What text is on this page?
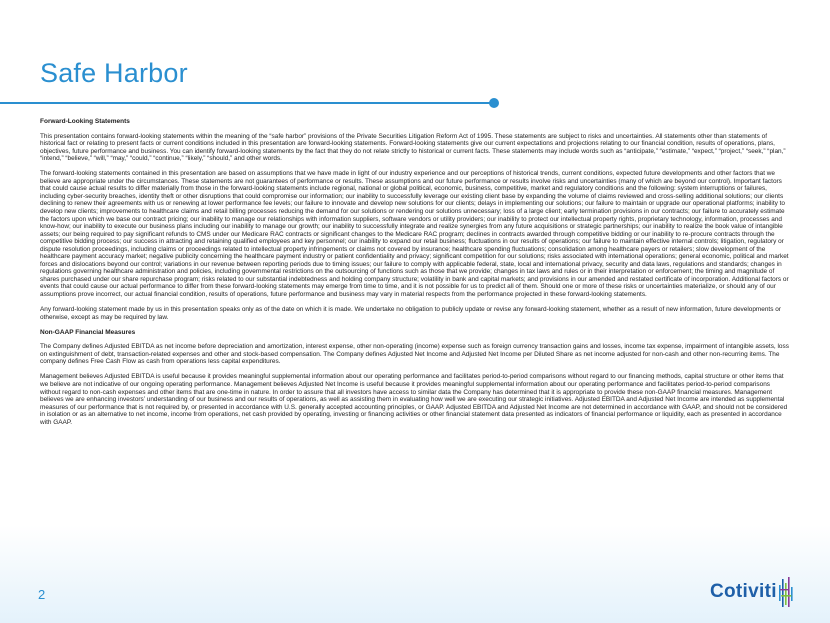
Safe Harbor
Forward-Looking Statements

This presentation contains forward-looking statements within the meaning of the “safe harbor” provisions of the Private Securities Litigation Reform Act of 1995. These statements are subject to risks and uncertainties. All statements other than statements of historical fact or relating to present facts or current conditions included in this presentation are forward-looking statements. Forward-looking statements give our current expectations and projections relating to our financial condition, results of operations, plans, objectives, future performance and business. You can identify forward-looking statements by the fact that they do not relate strictly to historical or current facts. These statements may include words such as “anticipate,” “estimate,” “expect,” “project,” “seek,” “plan,” “intend,” “believe,” “will,” “may,” “could,” “continue,” “likely,” “should,” and other words.

The forward-looking statements contained in this presentation are based on assumptions that we have made in light of our industry experience and our perceptions of historical trends, current conditions, expected future developments and other factors that we believe are appropriate under the circumstances. These statements are not guarantees of performance or results. These assumptions and our future performance or results involve risks and uncertainties (many of which are beyond our control). Important factors that could cause actual results to differ materially from those in the forward-looking statements include regional, national or global political, economic, business, competitive, market and regulatory conditions and the following: system interruptions or failures, including cyber-security breaches, identity theft or other disruptions that could compromise our information; our inability to successfully leverage our existing client base by expanding the volume of claims reviewed and cross-selling additional solutions; our clients declining to renew their agreements with us or renewing at lower performance fee levels; our failure to innovate and develop new solutions for our clients; delays in implementing our solutions; our failure to maintain or upgrade our operational platforms; inability to develop new clients; improvements to healthcare claims and retail billing processes reducing the demand for our solutions or rendering our solutions unnecessary; loss of a large client; early termination provisions in our contracts; our failure to accurately estimate the factors upon which we base our contract pricing; our inability to manage our relationships with information suppliers, software vendors or utility providers; our inability to protect our intellectual property rights, proprietary technology, information, processes and know-how; our inability to execute our business plans including our inability to manage our growth; our inability to successfully integrate and realize synergies from any future acquisitions or strategic partnerships; our inability to realize the book value of intangible assets; our being required to pay significant refunds to CMS under our Medicare RAC contracts or significant changes to the Medicare RAC program; declines in contracts awarded through competitive bidding or our inability to re-procure contracts through the competitive bidding process; our success in attracting and retaining qualified employees and key personnel; our inability to expand our retail business; fluctuations in our results of operations; our failure to maintain effective internal controls; litigation, regulatory or dispute resolution proceedings, including claims or proceedings related to intellectual property infringements or claims not covered by insurance; healthcare spending fluctuations; consolidation among healthcare payers or retailers; slow development of the healthcare payment accuracy market; negative publicity concerning the healthcare payment industry or patient confidentiality and privacy; significant competition for our solutions; risks associated with international operations; general economic, political and market forces and dislocations beyond our control; variations in our revenue between reporting periods due to timing issues; our failure to comply with applicable federal, state, local and international privacy, security and data laws, regulations and standards; changes in regulations governing healthcare administration and policies, including governmental restrictions on the outsourcing of functions such as those that we provide; changes in tax laws and rules or in their interpretation or enforcement; the timing and magnitude of shares purchased under our share repurchase program; risks related to our substantial indebtedness and holding company structure; volatility in bank and capital markets; and provisions in our amended and restated certificate of incorporation. Additional factors or events that could cause our actual performance to differ from these forward-looking statements may emerge from time to time, and it is not possible for us to predict all of them. Should one or more of these risks or uncertainties materialize, or should any of our assumptions prove incorrect, our actual financial condition, results of operations, future performance and business may vary in material respects from the performance projected in these forward-looking statements.

Any forward-looking statement made by us in this presentation speaks only as of the date on which it is made. We undertake no obligation to publicly update or revise any forward-looking statement, whether as a result of new information, future developments or otherwise, except as may be required by law.

Non-GAAP Financial Measures

The Company defines Adjusted EBITDA as net income before depreciation and amortization, interest expense, other non-operating (income) expense such as foreign currency transaction gains and losses, income tax expense, impairment of intangible assets, loss on extinguishment of debt, transaction-related expenses and other and stock-based compensation. The Company defines Adjusted Net Income and Adjusted Net Income per Diluted Share as net income adjusted for non-cash and other non-recurring items. The company defines Free Cash Flow as cash from operations less capital expenditures.

Management believes Adjusted EBITDA is useful because it provides meaningful supplemental information about our operating performance and facilitates period-to-period comparisons without regard to our financing methods, capital structure or other items that we believe are not indicative of our ongoing operating performance. Management believes Adjusted Net Income is useful because it provides meaningful supplemental information about our operating performance and facilitates period-to-period comparisons without regard to non-cash expenses and other items that are one-time in nature. In order to assure that all investors have access to similar data the Company has determined that it is appropriate to provide these non-GAAP financial measures. Management believes we are enhancing investors’ understanding of our business and our results of operations, as well as assisting them in evaluating how well we are executing our strategic initiatives. Adjusted EBITDA and Adjusted Net Income are intended as supplemental measures of our performance that is not required by, or presented in accordance with U.S. generally accepted accounting principles, or GAAP. Adjusted EBITDA and Adjusted Net Income are not determined in accordance with GAAP, and should not be considered in isolation or as an alternative to net income, income from operations, net cash provided by operating, investing or financing activities or other financial statement data presented as indicators of financial performance or liquidity, each as presented in accordance with GAAP.

2	Cotiviti
